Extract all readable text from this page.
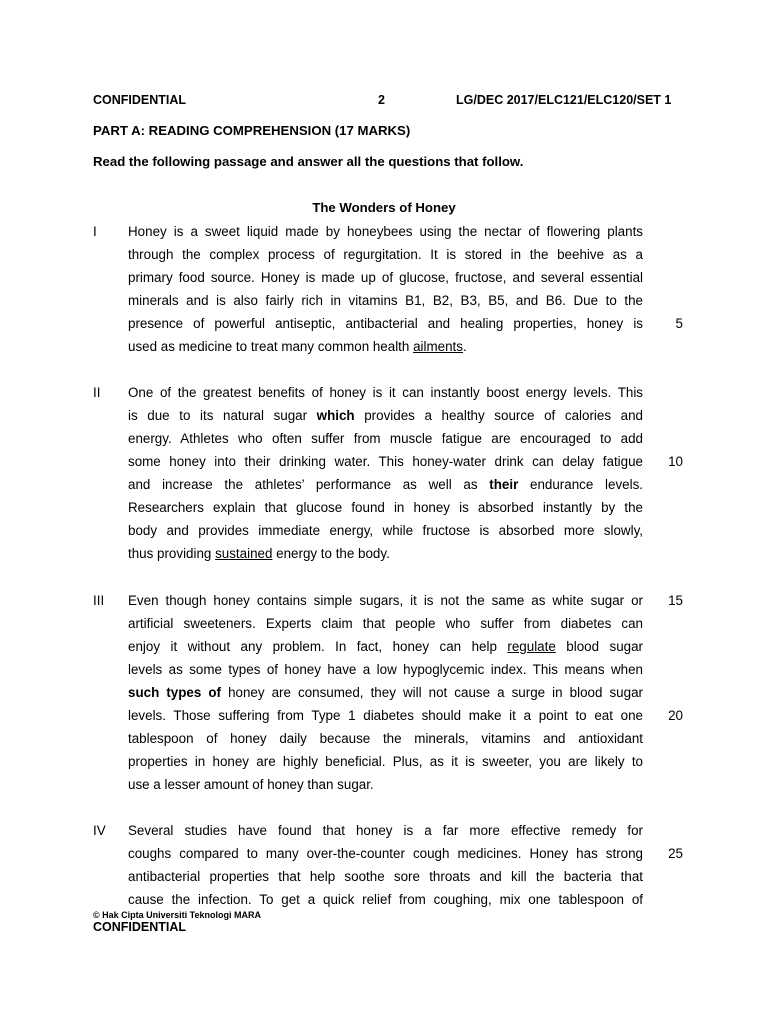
CONFIDENTIAL	2	LG/DEC 2017/ELC121/ELC120/SET 1
PART A: READING COMPREHENSION (17 MARKS)
Read the following passage and answer all the questions that follow.
The Wonders of Honey
I	Honey is a sweet liquid made by honeybees using the nectar of flowering plants
through the complex process of regurgitation. It is stored in the beehive as a
primary food source. Honey is made up of glucose, fructose, and several essential
minerals and is also fairly rich in vitamins B1, B2, B3, B5, and B6. Due to the
presence of powerful antiseptic, antibacterial and healing properties, honey is
used as medicine to treat many common health ailments.
5
II	One of the greatest benefits of honey is it can instantly boost energy levels. This
is due to its natural sugar which provides a healthy source of calories and
energy. Athletes who often suffer from muscle fatigue are encouraged to add
some honey into their drinking water. This honey-water drink can delay fatigue
and increase the athletes’ performance as well as their endurance levels.
Researchers explain that glucose found in honey is absorbed instantly by the
body and provides immediate energy, while fructose is absorbed more slowly,
thus providing sustained energy to the body.
10
III	Even though honey contains simple sugars, it is not the same as white sugar or
artificial sweeteners. Experts claim that people who suffer from diabetes can
enjoy it without any problem. In fact, honey can help regulate blood sugar
levels as some types of honey have a low hypoglycemic index. This means when
such types of honey are consumed, they will not cause a surge in blood sugar
levels. Those suffering from Type 1 diabetes should make it a point to eat one
tablespoon of honey daily because the minerals, vitamins and antioxidant
properties in honey are highly beneficial. Plus, as it is sweeter, you are likely to
use a lesser amount of honey than sugar.
15
20
IV	Several studies have found that honey is a far more effective remedy for
coughs compared to many over-the-counter cough medicines. Honey has strong
antibacterial properties that help soothe sore throats and kill the bacteria that
cause the infection. To get a quick relief from coughing, mix one tablespoon of
25
© Hak Cipta Universiti Teknologi MARA
CONFIDENTIAL
